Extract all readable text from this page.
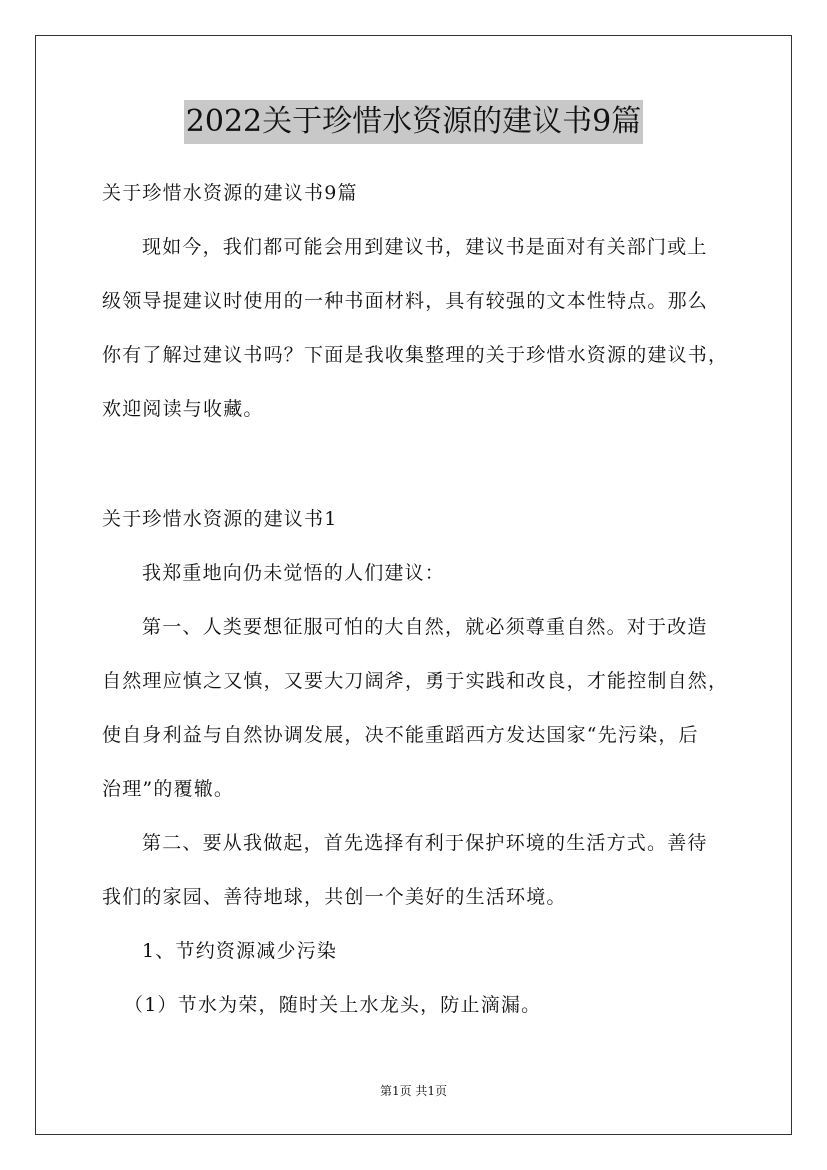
2022关于珍惜水资源的建议书9篇
关于珍惜水资源的建议书9篇
现如今，我们都可能会用到建议书，建议书是面对有关部门或上
级领导提建议时使用的一种书面材料，具有较强的文本性特点。那么
你有了解过建议书吗？下面是我收集整理的关于珍惜水资源的建议书，
欢迎阅读与收藏。
关于珍惜水资源的建议书1
我郑重地向仍未觉悟的人们建议：
第一、人类要想征服可怕的大自然，就必须尊重自然。对于改造
自然理应慎之又慎，又要大刀阔斧，勇于实践和改良，才能控制自然，
使自身利益与自然协调发展，决不能重蹈西方发达国家“先污染，后
治理”的覆辙。
第二、要从我做起，首先选择有利于保护环境的生活方式。善待
我们的家园、善待地球，共创一个美好的生活环境。
1、节约资源减少污染
（1）节水为荣，随时关上水龙头，防止滴漏。
第1页 共1页
